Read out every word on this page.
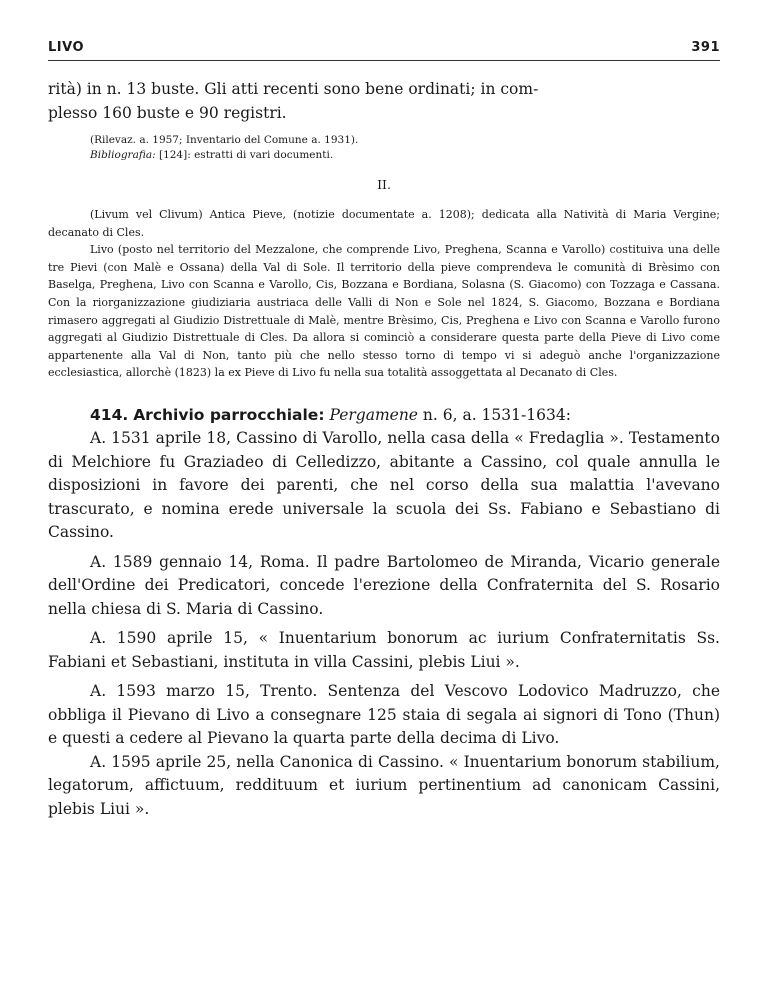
LIVO	391

rità) in n. 13 buste. Gli atti recenti sono bene ordinati; in com-

plesso 160 buste e 90 registri.

(Rilevaz. a. 1957; Inventario del Comune a. 1931).

Bibliografia: [124]: estratti di vari documenti.

II.

(Livum vel Clivum) Antica Pieve, (notizie documentate a. 1208); dedicata alla Natività di Maria Vergine; decanato di Cles.

Livo (posto nel territorio del Mezzalone, che comprende Livo, Preghena, Scanna e Varollo) costituiva una delle tre Pievi (con Malè e Ossana) della Val di Sole. Il territorio della pieve comprendeva le comunità di Brèsimo con Baselga, Preghena, Livo con Scanna e Varollo, Cis, Bozzana e Bordiana, Solasna (S. Giacomo) con Tozzaga e Cassana. Con la riorganizzazione giudiziaria austriaca delle Valli di Non e Sole nel 1824, S. Giacomo, Bozzana e Bordiana rimasero aggregati al Giudizio Distrettuale di Malè, mentre Brèsimo, Cis, Preghena e Livo con Scanna e Varollo furono aggregati al Giudizio Distrettuale di Cles. Da allora si cominciò a considerare questa parte della Pieve di Livo come appartenente alla Val di Non, tanto più che nello stesso torno di tempo vi si adeguò anche l'organizzazione ecclesiastica, allorchè (1823) la ex Pieve di Livo fu nella sua totalità assoggettata al Decanato di Cles.

414. Archivio parrocchiale: Pergamene n. 6, a. 1531-1634:

A. 1531 aprile 18, Cassino di Varollo, nella casa della « Fredaglia ». Testamento di Melchiore fu Graziadeo di Celledizzo, abitante a Cassino, col quale annulla le disposizioni in favore dei parenti, che nel corso della sua malattia l'avevano trascurato, e nomina erede universale la scuola dei Ss. Fabiano e Sebastiano di Cassino.

A. 1589 gennaio 14, Roma. Il padre Bartolomeo de Miranda, Vicario generale dell'Ordine dei Predicatori, concede l'erezione della Confraternita del S. Rosario nella chiesa di S. Maria di Cassino.

A. 1590 aprile 15, « Inuentarium bonorum ac iurium Confraternitatis Ss. Fabiani et Sebastiani, instituta in villa Cassini, plebis Liui ».

A. 1593 marzo 15, Trento. Sentenza del Vescovo Lodovico Madruzzo, che obbliga il Pievano di Livo a consegnare 125 staia di segala ai signori di Tono (Thun) e questi a cedere al Pievano la quarta parte della decima di Livo.

A. 1595 aprile 25, nella Canonica di Cassino. « Inuentarium bonorum stabilium, legatorum, affictuum, reddituum et iurium pertinentium ad canonicam Cassini, plebis Liui ».
